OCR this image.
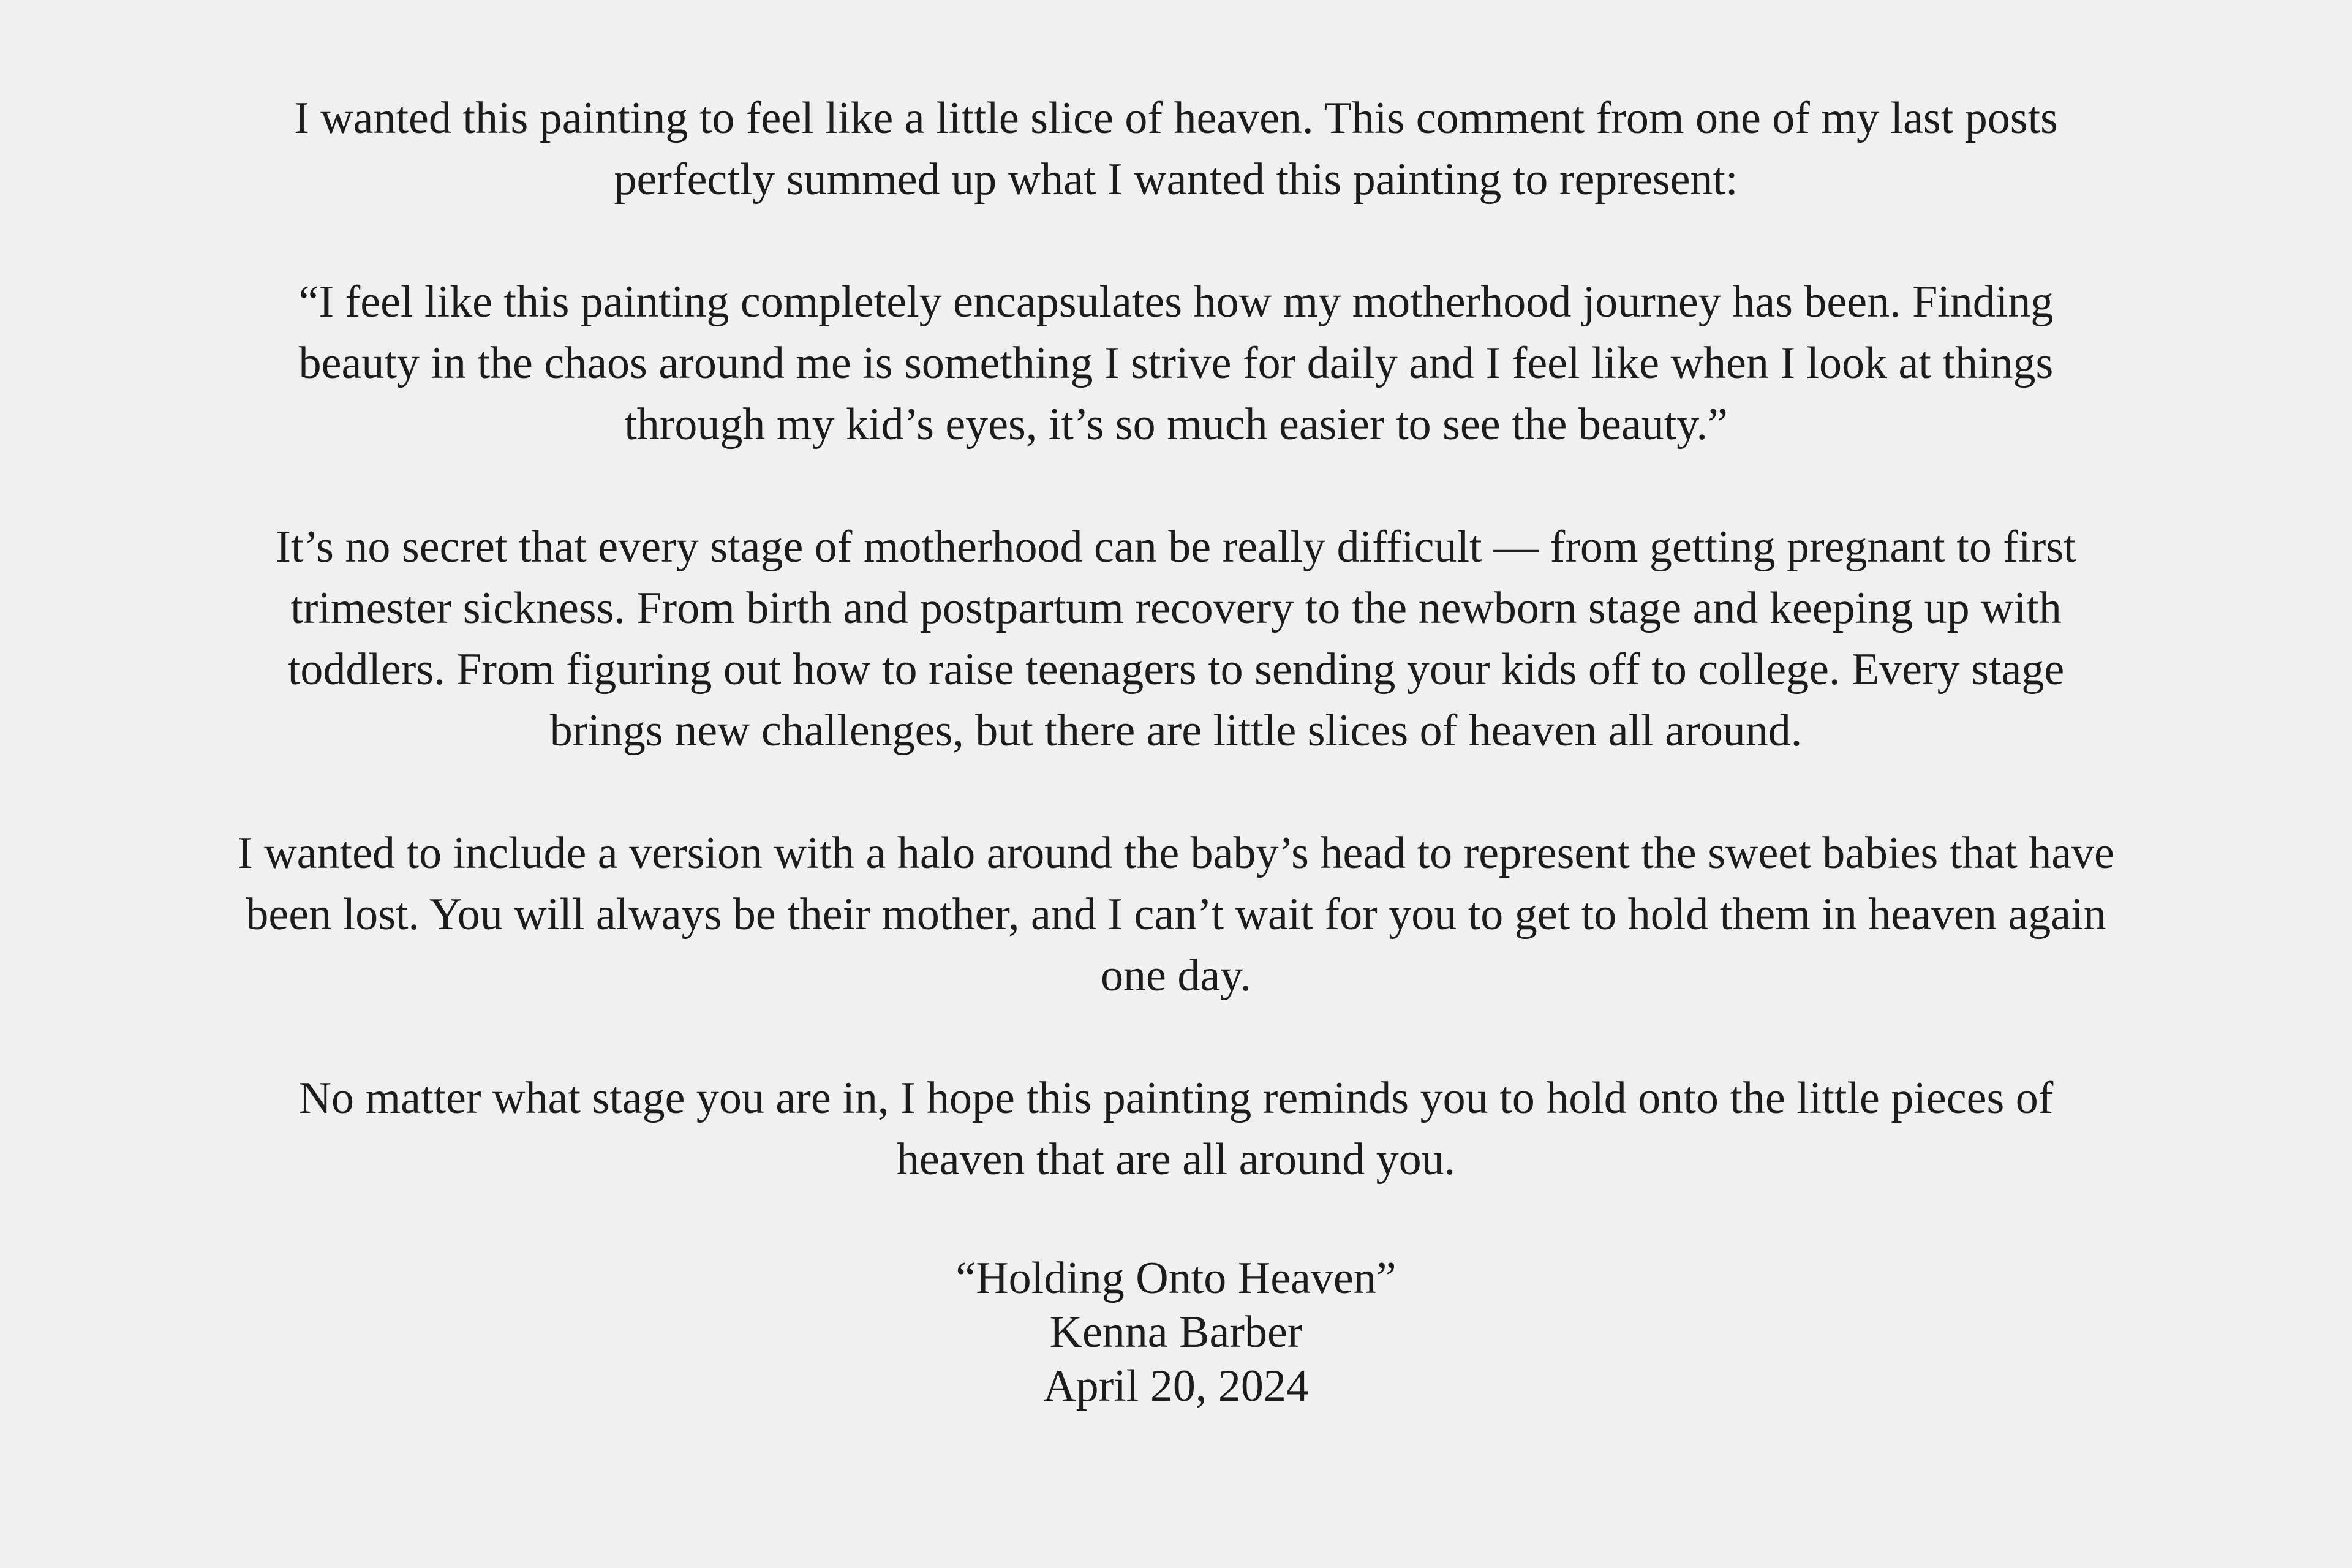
I wanted this painting to feel like a little slice of heaven. This comment from one of my last posts perfectly summed up what I wanted this painting to represent:

“I feel like this painting completely encapsulates how my motherhood journey has been. Finding beauty in the chaos around me is something I strive for daily and I feel like when I look at things through my kid’s eyes, it’s so much easier to see the beauty.”

It’s no secret that every stage of motherhood can be really difficult — from getting pregnant to first trimester sickness. From birth and postpartum recovery to the newborn stage and keeping up with toddlers. From figuring out how to raise teenagers to sending your kids off to college. Every stage brings new challenges, but there are little slices of heaven all around.

I wanted to include a version with a halo around the baby’s head to represent the sweet babies that have been lost. You will always be their mother, and I can’t wait for you to get to hold them in heaven again one day.

No matter what stage you are in, I hope this painting reminds you to hold onto the little pieces of heaven that are all around you.

“Holding Onto Heaven”
Kenna Barber
April 20, 2024
